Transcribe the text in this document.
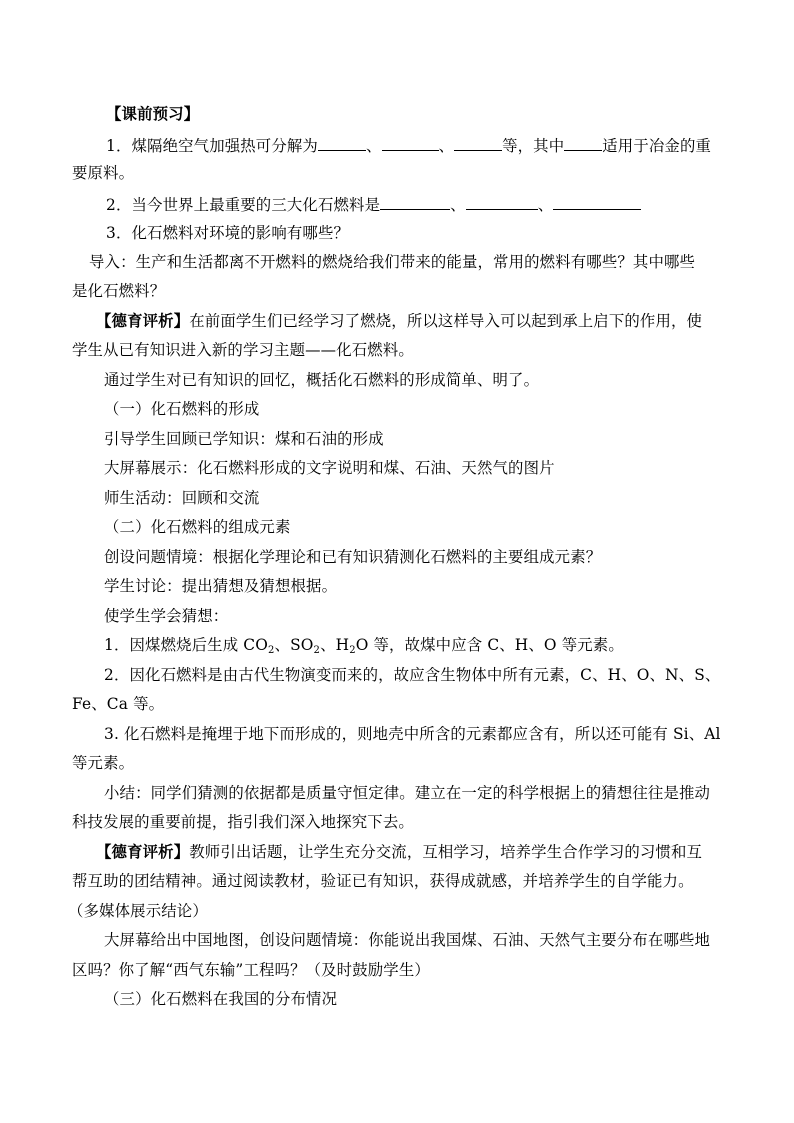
【课前预习】
1．煤隔绝空气加强热可分解为	、	、	等，其中 适用于冶金的重
要原料。
2．当今世界上最重要的三大化石燃料是	、	、
3．化石燃料对环境的影响有哪些？
导入：生产和生活都离不开燃料的燃烧给我们带来的能量，常用的燃料有哪些？其中哪些
是化石燃料？
【德育评析】在前面学生们已经学习了燃烧，所以这样导入可以起到承上启下的作用，使
学生从已有知识进入新的学习主题——化石燃料。
通过学生对已有知识的回忆，概括化石燃料的形成简单、明了。
（一）化石燃料的形成
引导学生回顾已学知识：煤和石油的形成
大屏幕展示：化石燃料形成的文字说明和煤、石油、天然气的图片
师生活动：回顾和交流
（二）化石燃料的组成元素
创设问题情境：根据化学理论和已有知识猜测化石燃料的主要组成元素？
学生讨论：提出猜想及猜想根据。
使学生学会猜想：
1．因煤燃烧后生成 $CO_2$、$SO_2$、$H_2O$ 等，故煤中应含 C、H、O 等元素。
2．因化石燃料是由古代生物演变而来的，故应含生物体中所有元素，C、H、O、N、S、
Fe、Ca 等。
3. 化石燃料是掩埋于地下而形成的，则地壳中所含的元素都应含有，所以还可能有 Si、Al
等元素。
小结：同学们猜测的依据都是质量守恒定律。建立在一定的科学根据上的猜想往往是推动
科技发展的重要前提，指引我们深入地探究下去。
【德育评析】教师引出话题，让学生充分交流，互相学习，培养学生合作学习的习惯和互
帮互助的团结精神。通过阅读教材，验证已有知识，获得成就感，并培养学生的自学能力。
（多媒体展示结论）
大屏幕给出中国地图，创设问题情境：你能说出我国煤、石油、天然气主要分布在哪些地
区吗？你了解“西气东输”工程吗？（及时鼓励学生）
（三）化石燃料在我国的分布情况
